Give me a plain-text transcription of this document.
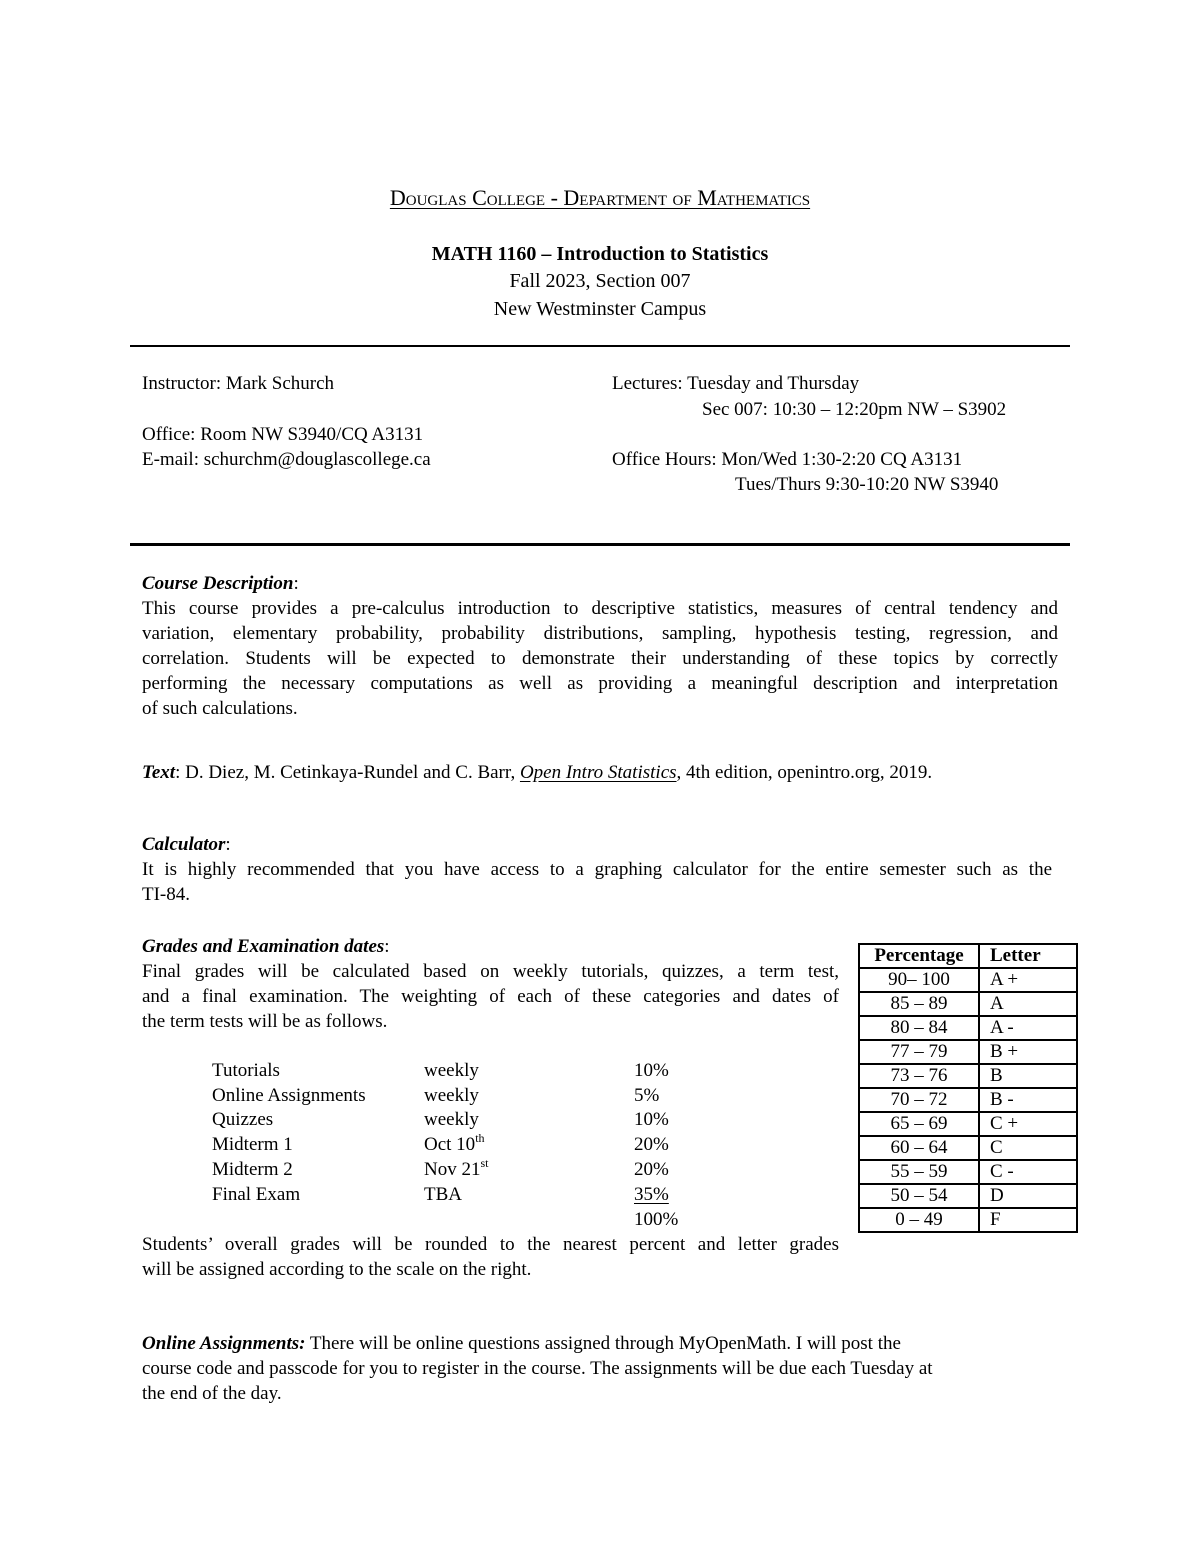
Douglas College - Department of Mathematics
MATH 1160 – Introduction to Statistics
Fall 2023, Section 007
New Westminster Campus
Instructor: Mark Schurch
Office: Room NW S3940/CQ A3131
E-mail: schurchm@douglascollege.ca
Lectures: Tuesday and Thursday
Sec 007: 10:30 – 12:20pm NW – S3902
Office Hours: Mon/Wed 1:30-2:20 CQ A3131
Tues/Thurs 9:30-10:20 NW S3940
Course Description:
This course provides a pre-calculus introduction to descriptive statistics, measures of central tendency and
variation, elementary probability, probability distributions, sampling, hypothesis testing, regression, and
correlation. Students will be expected to demonstrate their understanding of these topics by correctly
performing the necessary computations as well as providing a meaningful description and interpretation
of such calculations.
Text: D. Diez, M. Cetinkaya-Rundel and C. Barr, Open Intro Statistics, 4th edition, openintro.org, 2019.
Calculator:
It is highly recommended that you have access to a graphing calculator for the entire semester such as the
TI-84.
Grades and Examination dates:
Final grades will be calculated based on weekly tutorials, quizzes, a term test,
and a final examination. The weighting of each of these categories and dates of
the term tests will be as follows.
Tutorials	weekly	10%
Online Assignments	weekly	5%
Quizzes	weekly	10%
Midterm 1	Oct 10th	20%
Midterm 2	Nov 21st	20%
Final Exam	TBA	35%
100%
Students’ overall grades will be rounded to the nearest percent and letter grades
will be assigned according to the scale on the right.
Percentage	Letter
90– 100	A +
85 – 89	A
80 – 84	A -
77 – 79	B +
73 – 76	B
70 – 72	B -
65 – 69	C +
60 – 64	C
55 – 59	C -
50 – 54	D
0 – 49	F
Online Assignments: There will be online questions assigned through MyOpenMath. I will post the
course code and passcode for you to register in the course. The assignments will be due each Tuesday at
the end of the day.
